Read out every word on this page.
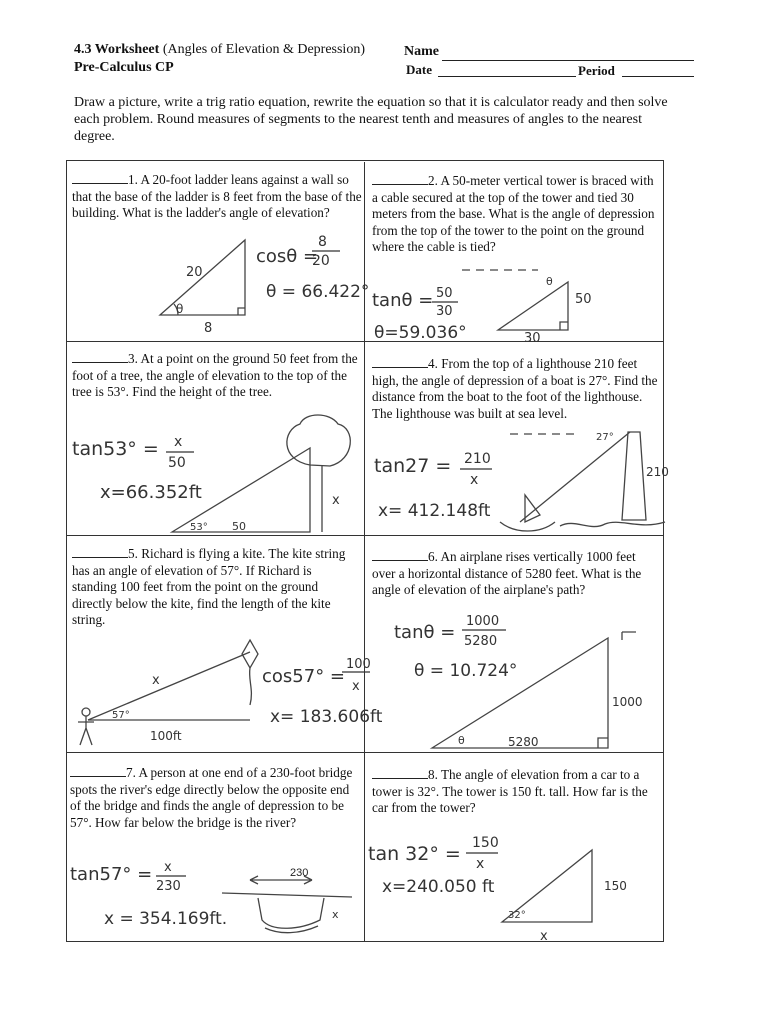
4.3 Worksheet (Angles of Elevation & Depression)
Pre-Calculus CP
Name
Date	Period
Draw a picture, write a trig ratio equation, rewrite the equation so that it is calculator ready and then solve each problem. Round measures of segments to the nearest tenth and measures of angles to the nearest degree.
1. A 20-foot ladder leans against a wall so that the base of the ladder is 8 feet from the base of the building. What is the ladder's angle of elevation?
2. A 50-meter vertical tower is braced with a cable secured at the top of the tower and tied 30 meters from the base. What is the angle of depression from the top of the tower to the point on the ground where the cable is tied?
3. At a point on the ground 50 feet from the foot of a tree, the angle of elevation to the top of the tree is 53°. Find the height of the tree.
4. From the top of a lighthouse 210 feet high, the angle of depression of a boat is 27°. Find the distance from the boat to the foot of the lighthouse. The lighthouse was built at sea level.
5. Richard is flying a kite. The kite string has an angle of elevation of 57°. If Richard is standing 100 feet from the point on the ground directly below the kite, find the length of the kite string.
6. An airplane rises vertically 1000 feet over a horizontal distance of 5280 feet. What is the angle of elevation of the airplane's path?
7. A person at one end of a 230-foot bridge spots the river's edge directly below the opposite end of the bridge and finds the angle of depression to be 57°. How far below the bridge is the river?
8. The angle of elevation from a car to a tower is 32°. The tower is 150 ft. tall. How far is the car from the tower?
cosθ =
8
20
θ = 66.422°
20
8
θ	tanθ = 50
30
θ=59.036°
50
30
θ
tan53° = x
50
x=66.352ft
53° 50
x
tan27 = 210
x
x= 412.148ft
27°
210
cos57° =
100
x
x= 183.606ft
57°
100ft
x
tanθ =
1000
5280
θ = 10.724°
1000
5280
θ
tan57° = x
230
x = 354.169ft.
230
x
tan 32° = 150
x
x=240.050 ft	150
x
32°
